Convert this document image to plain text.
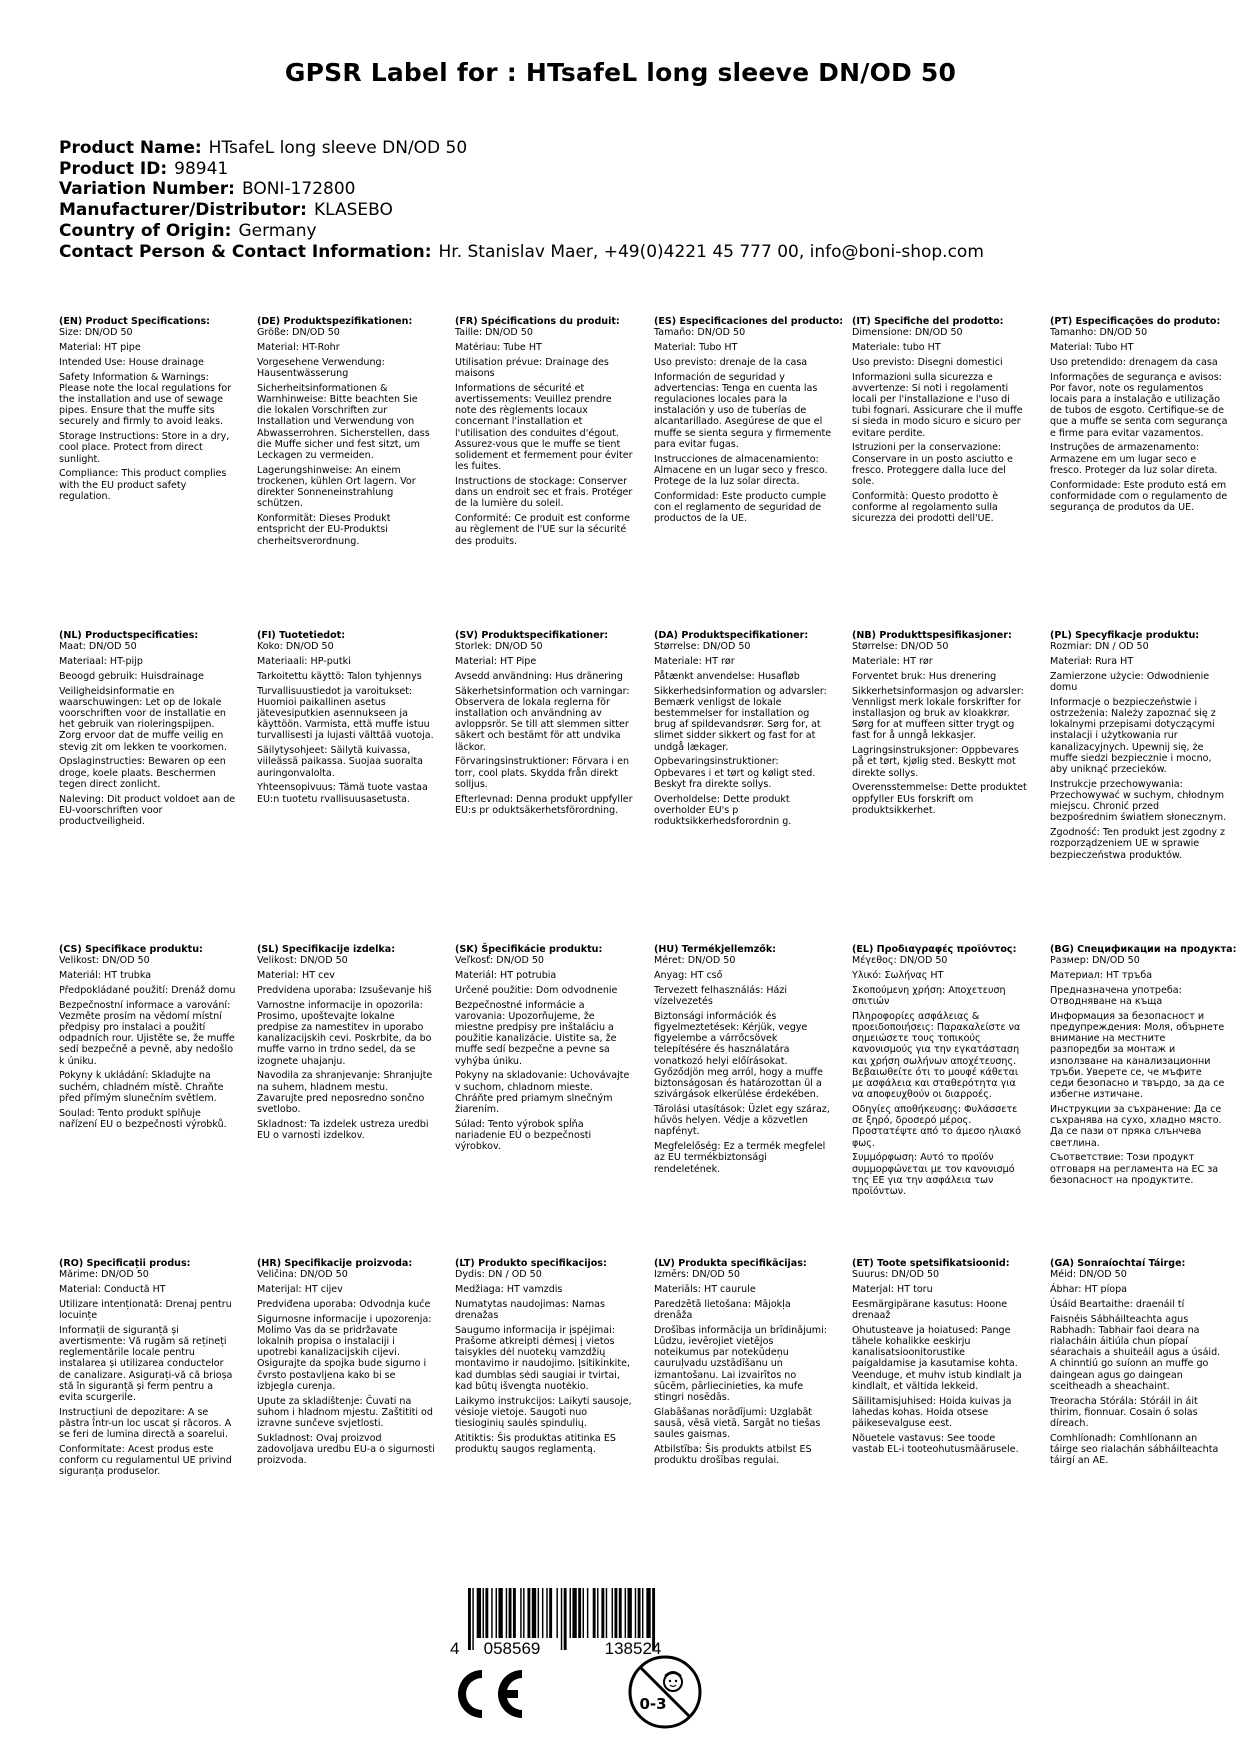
GPSR Label for : HTsafeL long sleeve DN/OD 50
Product Name: HTsafeL long sleeve DN/OD 50
Product ID: 98941
Variation Number: BONI-172800
Manufacturer/Distributor: KLASEBO
Country of Origin: Germany
Contact Person & Contact Information: Hr. Stanislav Maer, +49(0)4221 45 777 00, info@boni-shop.com
(EN) Product Specifications:

Size: DN/OD 50

Material: HT pipe

Intended Use: House drainage

Safety Information & Warnings: Please note the local regulations for the installation and use of sewage pipes. Ensure that the muffe sits securely and firmly to avoid leaks.

Storage Instructions: Store in a dry, cool place. Protect from direct sunlight.

Compliance: This product complies with the EU product safety regulation.

(DE) Produktspezifikationen:

Größe: DN/OD 50

Material: HT-Rohr

Vorgesehene Verwendung: Hausentwässerung

Sicherheitsinformationen & Warnhinweise: Bitte beachten Sie die lokalen Vorschriften zur Installation und Verwendung von Abwasserrohren. Sicherstellen, dass die Muffe sicher und fest sitzt, um Leckagen zu vermeiden.

Lagerungshinweise: An einem trockenen, kühlen Ort lagern. Vor direkter Sonneneinstrahlung schützen.

Konformität: Dieses Produkt entspricht der EU-Produktsi cherheitsverordnung.

(FR) Spécifications du produit:

Taille: DN/OD 50

Matériau: Tube HT

Utilisation prévue: Drainage des maisons

Informations de sécurité et avertissements: Veuillez prendre note des règlements locaux concernant l'installation et l'utilisation des conduites d'égout. Assurez-vous que le muffe se tient solidement et fermement pour éviter les fuites.

Instructions de stockage: Conserver dans un endroit sec et frais. Protéger de la lumière du soleil.

Conformité: Ce produit est conforme au règlement de l'UE sur la sécurité des produits.

(ES) Especificaciones del producto:

Tamaño: DN/OD 50

Material: Tubo HT

Uso previsto: drenaje de la casa

Información de seguridad y advertencias: Tenga en cuenta las regulaciones locales para la instalación y uso de tuberías de alcantarillado. Asegúrese de que el muffe se sienta segura y firmemente para evitar fugas.

Instrucciones de almacenamiento: Almacene en un lugar seco y fresco. Protege de la luz solar directa.

Conformidad: Este producto cumple con el reglamento de seguridad de productos de la UE.

(IT) Specifiche del prodotto:

Dimensione: DN/OD 50

Materiale: tubo HT

Uso previsto: Disegni domestici

Informazioni sulla sicurezza e avvertenze: Si noti i regolamenti locali per l'installazione e l'uso di tubi fognari. Assicurare che il muffe si sieda in modo sicuro e sicuro per evitare perdite.

Istruzioni per la conservazione: Conservare in un posto asciutto e fresco. Proteggere dalla luce del sole.

Conformità: Questo prodotto è conforme al regolamento sulla sicurezza dei prodotti dell'UE.

(PT) Especificações do produto:

Tamanho: DN/OD 50

Material: Tubo HT

Uso pretendido: drenagem da casa

Informações de segurança e avisos: Por favor, note os regulamentos locais para a instalação e utilização de tubos de esgoto. Certifique-se de que a muffe se senta com segurança e firme para evitar vazamentos.

Instruções de armazenamento: Armazene em um lugar seco e fresco. Proteger da luz solar direta.

Conformidade: Este produto está em conformidade com o regulamento de segurança de produtos da UE.

(NL) Productspecificaties:

Maat: DN/OD 50

Materiaal: HT-pijp

Beoogd gebruik: Huisdrainage

Veiligheidsinformatie en waarschuwingen: Let op de lokale voorschriften voor de installatie en het gebruik van rioleringspijpen. Zorg ervoor dat de muffe veilig en stevig zit om lekken te voorkomen.

Opslaginstructies: Bewaren op een droge, koele plaats. Beschermen tegen direct zonlicht.

Naleving: Dit product voldoet aan de EU-voorschriften voor productveiligheid.

(FI) Tuotetiedot:

Koko: DN/OD 50

Materiaali: HP-putki

Tarkoitettu käyttö: Talon tyhjennys

Turvallisuustiedot ja varoitukset: Huomioi paikallinen asetus jätevesiputkien asennukseen ja käyttöön. Varmista, että muffe istuu turvallisesti ja lujasti välttää vuotoja.

Säilytysohjeet: Säilytä kuivassa, viileässä paikassa. Suojaa suoralta auringonvalolta.

Yhteensopivuus: Tämä tuote vastaa EU:n tuotetu rvallisuusasetusta.

(SV) Produktspecifikationer:

Storlek: DN/OD 50

Material: HT Pipe

Avsedd användning: Hus dränering

Säkerhetsinformation och varningar: Observera de lokala reglerna för installation och användning av avloppsrör. Se till att slemmen sitter säkert och bestämt för att undvika läckor.

Förvaringsinstruktioner: Förvara i en torr, cool plats. Skydda från direkt solljus.

Efterlevnad: Denna produkt uppfyller EU:s pr oduktsäkerhetsförordning.

(DA) Produktspecifikationer:

Størrelse: DN/OD 50

Materiale: HT rør

Påtænkt anvendelse: Husafløb

Sikkerhedsinformation og advarsler: Bemærk venligst de lokale bestemmelser for installation og brug af spildevandsrør. Sørg for, at slimet sidder sikkert og fast for at undgå lækager.

Opbevaringsinstruktioner: Opbevares i et tørt og køligt sted. Beskyt fra direkte sollys.

Overholdelse: Dette produkt overholder EU's p roduktsikkerhedsforordnin g.

(NB) Produkttspesifikasjoner:

Størrelse: DN/OD 50

Materiale: HT rør

Forventet bruk: Hus drenering

Sikkerhetsinformasjon og advarsler: Vennligst merk lokale forskrifter for installasjon og bruk av kloakkrør. Sørg for at muffeen sitter trygt og fast for å unngå lekkasjer.

Lagringsinstruksjoner: Oppbevares på et tørt, kjølig sted. Beskytt mot direkte sollys.

Overensstemmelse: Dette produktet oppfyller EUs forskrift om produktsikkerhet.

(PL) Specyfikacje produktu:

Rozmiar: DN / OD 50

Materiał: Rura HT

Zamierzone użycie: Odwodnienie domu

Informacje o bezpieczeństwie i ostrzeżenia: Należy zapoznać się z lokalnymi przepisami dotyczącymi instalacji i użytkowania rur kanalizacyjnych. Upewnij się, że muffe siedzi bezpiecznie i mocno, aby uniknąć przecieków.

Instrukcje przechowywania: Przechowywać w suchym, chłodnym miejscu. Chronić przed bezpośrednim światłem słonecznym.

Zgodność: Ten produkt jest zgodny z rozporządzeniem UE w sprawie bezpieczeństwa produktów.

(CS) Specifikace produktu:

Velikost: DN/OD 50

Materiál: HT trubka

Předpokládané použití: Drenáž domu

Bezpečnostní informace a varování: Vezměte prosím na vědomí místní předpisy pro instalaci a použití odpadních rour. Ujistěte se, že muffe sedí bezpečně a pevně, aby nedošlo k úniku.

Pokyny k ukládání: Skladujte na suchém, chladném místě. Chraňte před přímým slunečním světlem.

Soulad: Tento produkt splňuje nařízení EU o bezpečnosti výrobků.

(SL) Specifikacije izdelka:

Velikost: DN/OD 50

Material: HT cev

Predvidena uporaba: Izsuševanje hiš

Varnostne informacije in opozorila: Prosimo, upoštevajte lokalne predpise za namestitev in uporabo kanalizacijskih cevi. Poskrbite, da bo muffe varno in trdno sedel, da se izognete uhajanju.

Navodila za shranjevanje: Shranjujte na suhem, hladnem mestu. Zavarujte pred neposredno sončno svetlobo.

Skladnost: Ta izdelek ustreza uredbi EU o varnosti izdelkov.

(SK) Špecifikácie produktu:

Veľkosť: DN/OD 50

Materiál: HT potrubia

Určené použitie: Dom odvodnenie

Bezpečnostné informácie a varovania: Upozorňujeme, že miestne predpisy pre inštaláciu a použitie kanalizácie. Uistite sa, že muffe sedí bezpečne a pevne sa vyhýba úniku.

Pokyny na skladovanie: Uchovávajte v suchom, chladnom mieste. Chráňte pred priamym slnečným žiarením.

Súlad: Tento výrobok spĺňa nariadenie EÚ o bezpečnosti výrobkov.

(HU) Termékjellemzők:

Méret: DN/OD 50

Anyag: HT cső

Tervezett felhasználás: Házi vízelvezetés

Biztonsági információk és figyelmeztetések: Kérjük, vegye figyelembe a várrőcsövek telepítésére és használatára vonatkozó helyi előírásokat. Győződjön meg arról, hogy a muffe biztonságosan és határozottan ül a szivárgások elkerülése érdekében.

Tárolási utasítások: Üzlet egy száraz, hűvös helyen. Védje a közvetlen napfényt.

Megfelelőség: Ez a termék megfelel az EU termékbiztonsági rendeletének.

(EL) Προδιαγραφές προϊόντος:

Μέγεθος: DN/OD 50

Υλικό: Σωλήνας HT

Σκοπούμενη χρήση: Αποχετευση σπιτιών

Πληροφορίες ασφάλειας & προειδοποιήσεις: Παρακαλείστε να σημειώσετε τους τοπικούς κανονισμούς για την εγκατάσταση και χρήση σωλήνων αποχέτευσης. Βεβαιωθείτε ότι το μουφέ κάθεται με ασφάλεια και σταθερότητα για να αποφευχθούν οι διαρροές.

Οδηγίες αποθήκευσης: Φυλάσσετε σε ξηρό, δροσερό μέρος. Προστατέψτε από το άμεσο ηλιακό φως.

Συμμόρφωση: Αυτό το προϊόν συμμορφώνεται με τον κανονισμό της ΕΕ για την ασφάλεια των προϊόντων.

(BG) Спецификации на продукта:

Размер: DN/OD 50

Материал: HT тръба

Предназначена употреба: Отводняване на къща

Информация за безопасност и предупреждения: Моля, обърнете внимание на местните разпоредби за монтаж и използване на канализационни тръби. Уверете се, че мъфите седи безопасно и твърдо, за да се избегне изтичане.

Инструкции за съхранение: Да се съхранява на сухо, хладно място. Да се пази от пряка слънчева светлина.

Съответствие: Този продукт отговаря на регламента на ЕС за безопасност на продуктите.

(RO) Specificații produs:

Mărime: DN/OD 50

Material: Conductă HT

Utilizare intenționată: Drenaj pentru locuințe

Informații de siguranță și avertismente: Vă rugăm să rețineți reglementările locale pentru instalarea și utilizarea conductelor de canalizare. Asigurați-vă că brioșa stă în siguranță și ferm pentru a evita scurgerile.

Instrucțiuni de depozitare: A se păstra într-un loc uscat și răcoros. A se feri de lumina directă a soarelui.

Conformitate: Acest produs este conform cu regulamentul UE privind siguranța produselor.

(HR) Specifikacije proizvoda:

Veličina: DN/OD 50

Materijal: HT cijev

Predviđena uporaba: Odvodnja kuće

Sigurnosne informacije i upozorenja: Molimo Vas da se pridržavate lokalnih propisa o instalaciji i upotrebi kanalizacijskih cijevi. Osigurajte da spojka bude sigurno i čvrsto postavljena kako bi se izbjegla curenja.

Upute za skladištenje: Čuvati na suhom i hladnom mjestu. Zaštititi od izravne sunčeve svjetlosti.

Sukladnost: Ovaj proizvod zadovoljava uredbu EU-a o sigurnosti proizvoda.

(LT) Produkto specifikacijos:

Dydis: DN / OD 50

Medžiaga: HT vamzdis

Numatytas naudojimas: Namas drenažas

Saugumo informacija ir įspėjimai: Prašome atkreipti dėmesį į vietos taisykles dėl nuotekų vamzdžių montavimo ir naudojimo. Įsitikinkite, kad dumblas sėdi saugiai ir tvirtai, kad būtų išvengta nuotėkio.

Laikymo instrukcijos: Laikyti sausoje, vėsioje vietoje. Saugoti nuo tiesioginių saulės spindulių.

Atitiktis: Šis produktas atitinka ES produktų saugos reglamentą.

(LV) Produkta specifikācijas:

Izmērs: DN/OD 50

Materiāls: HT caurule

Paredzētā lietošana: Mājokļa drenāža

Drošības informācija un brīdinājumi: Lūdzu, ievērojiet vietējos noteikumus par notekūdeņu cauruļvadu uzstādīšanu un izmantošanu. Lai izvairītos no sūcēm, pārliecinieties, ka mufe stingri nosēdās.

Glabāšanas norādījumi: Uzglabāt sausā, vēsā vietā. Sargāt no tiešas saules gaismas.

Atbilstība: Šis produkts atbilst ES produktu drošības regulai.

(ET) Toote spetsifikatsioonid:

Suurus: DN/OD 50

Materjal: HT toru

Eesmärgipärane kasutus: Hoone drenaaž

Ohutusteave ja hoiatused: Pange tähele kohalikke eeskirju kanalisatsioonitorustike paigaldamise ja kasutamise kohta. Veenduge, et muhv istub kindlalt ja kindlalt, et vältida lekkeid.

Säilitamisjuhised: Hoida kuivas ja lahedas kohas. Hoida otsese päikesevalguse eest.

Nõuetele vastavus: See toode vastab EL-i tooteohutusmäärusele.

(GA) Sonraíochtaí Táirge:

Méid: DN/OD 50

Ábhar: HT píopa

Úsáid Beartaithe: draenáil tí

Faisnéis Sábháilteachta agus Rabhadh: Tabhair faoi deara na rialacháin áitiúla chun píopaí séarachais a shuiteáil agus a úsáid. A chinntiú go suíonn an muffe go daingean agus go daingean sceitheadh a sheachaint.

Treoracha Stórála: Stóráil in áit thirim, fionnuar. Cosain ó solas díreach.

Comhlíonadh: Comhlíonann an táirge seo rialachán sábháilteachta táirgí an AE.

4 058569	138524
0-3
